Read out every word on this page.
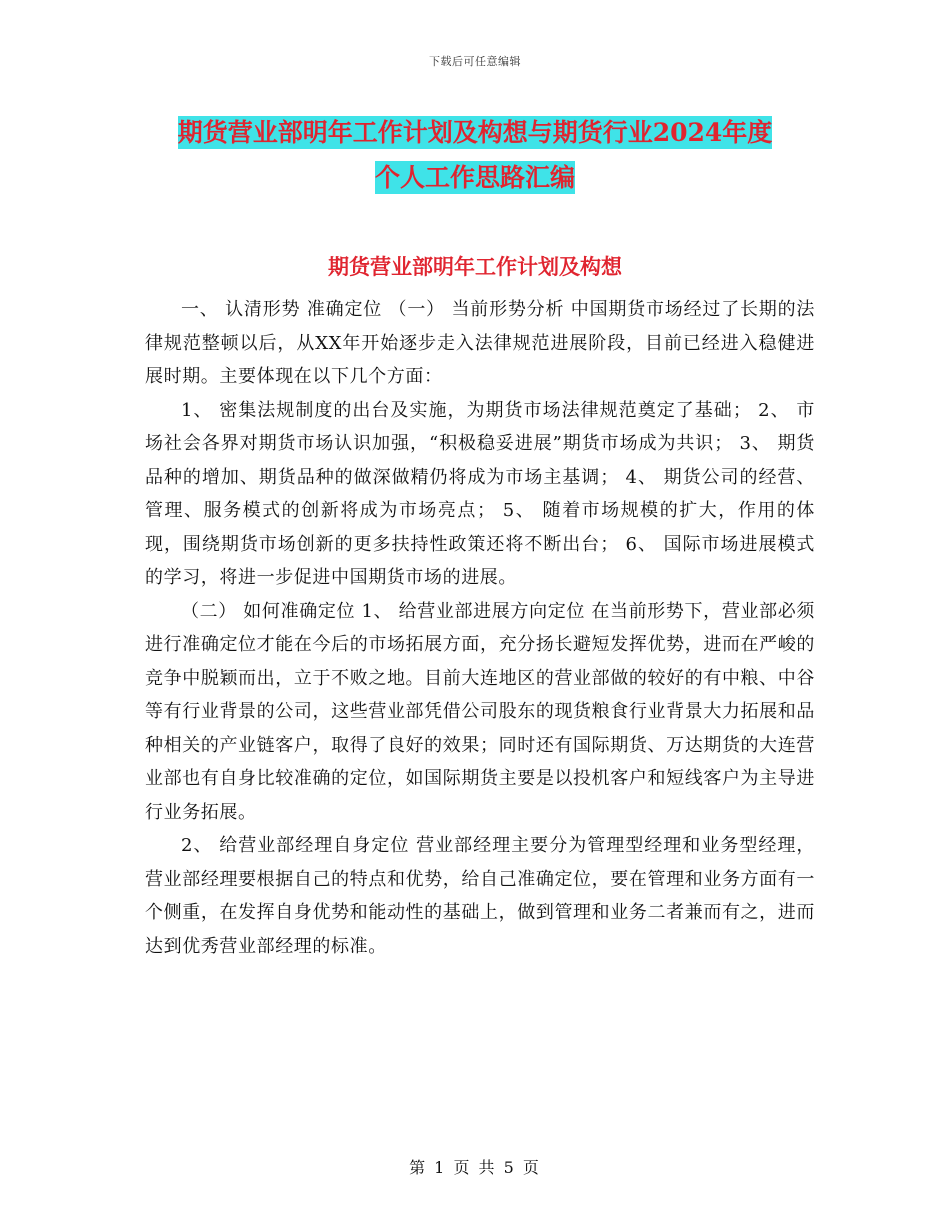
下载后可任意编辑
期货营业部明年工作计划及构想与期货行业2024年度
个人工作思路汇编
期货营业部明年工作计划及构想

一、 认清形势 准确定位 （一） 当前形势分析 中国期货市场经过了长期的法律规范整顿以后，从XX年开始逐步走入法律规范进展阶段，目前已经进入稳健进展时期。主要体现在以下几个方面：

1、 密集法规制度的出台及实施，为期货市场法律规范奠定了基础； 2、 市场社会各界对期货市场认识加强，“积极稳妥进展”期货市场成为共识； 3、 期货品种的增加、期货品种的做深做精仍将成为市场主基调； 4、 期货公司的经营、管理、服务模式的创新将成为市场亮点； 5、 随着市场规模的扩大，作用的体现，围绕期货市场创新的更多扶持性政策还将不断出台； 6、 国际市场进展模式的学习，将进一步促进中国期货市场的进展。

（二） 如何准确定位 1、 给营业部进展方向定位 在当前形势下，营业部必须进行准确定位才能在今后的市场拓展方面，充分扬长避短发挥优势，进而在严峻的竞争中脱颖而出，立于不败之地。目前大连地区的营业部做的较好的有中粮、中谷等有行业背景的公司，这些营业部凭借公司股东的现货粮食行业背景大力拓展和品种相关的产业链客户，取得了良好的效果；同时还有国际期货、万达期货的大连营业部也有自身比较准确的定位，如国际期货主要是以投机客户和短线客户为主导进行业务拓展。

2、 给营业部经理自身定位 营业部经理主要分为管理型经理和业务型经理，营业部经理要根据自己的特点和优势，给自己准确定位，要在管理和业务方面有一个侧重，在发挥自身优势和能动性的基础上，做到管理和业务二者兼而有之，进而达到优秀营业部经理的标准。

第 1 页 共 5 页
